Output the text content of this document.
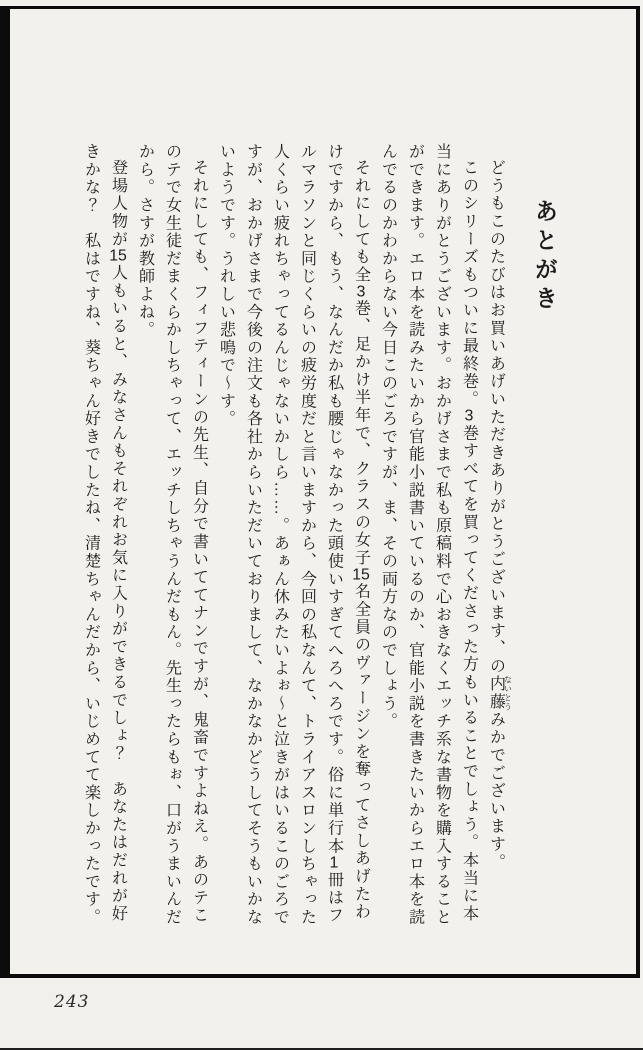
あとがき

どうもこのたびはお買いあげいただきありがとうございます、の内藤 ないとうみかでございます。

このシリーズもついに最終巻。3巻すべてを買ってくださった方もいることでしょう。本当に本当にありがとうございます。おかげさまで私も原稿料で心おきなくエッチ系な書物を購入することができます。エロ本を読みたいから官能小説書いているのか、官能小説を書きたいからエロ本を読んでるのかわからない今日このごろですが、ま、その両方なのでしょう。

それにしても全3巻、足かけ半年で、クラスの女子15名全員のヴァージンを奪ってさしあげたわけですから、もう、なんだか私も腰じゃなかった頭使いすぎてへろへろです。俗に単行本1冊はフルマラソンと同じくらいの疲労度だと言いますから、今回の私なんて、トライアスロンしちゃった人くらい疲れちゃってるんじゃないかしら……。あぁん休みたいよぉ〜と泣きがはいるこのごろですが、おかげさまで今後の注文も各社からいただいておりまして、なかなかどうしてそうもいかないようです。うれしい悲鳴で〜す。

それにしても、フィフティーンの先生、自分で書いててナンですが、鬼畜ですよねえ。あのテこのテで女生徒だまくらかしちゃって、エッチしちゃうんだもん。先生ったらもぉ、口がうまいんだから。さすが教師よね。

登場人物が15人もいると、みなさんもそれぞれお気に入りができるでしょ？　あなたはだれが好きかな？　私はですね、葵ちゃん好きでしたね、清楚ちゃんだから、いじめてて楽しかったです。

243
